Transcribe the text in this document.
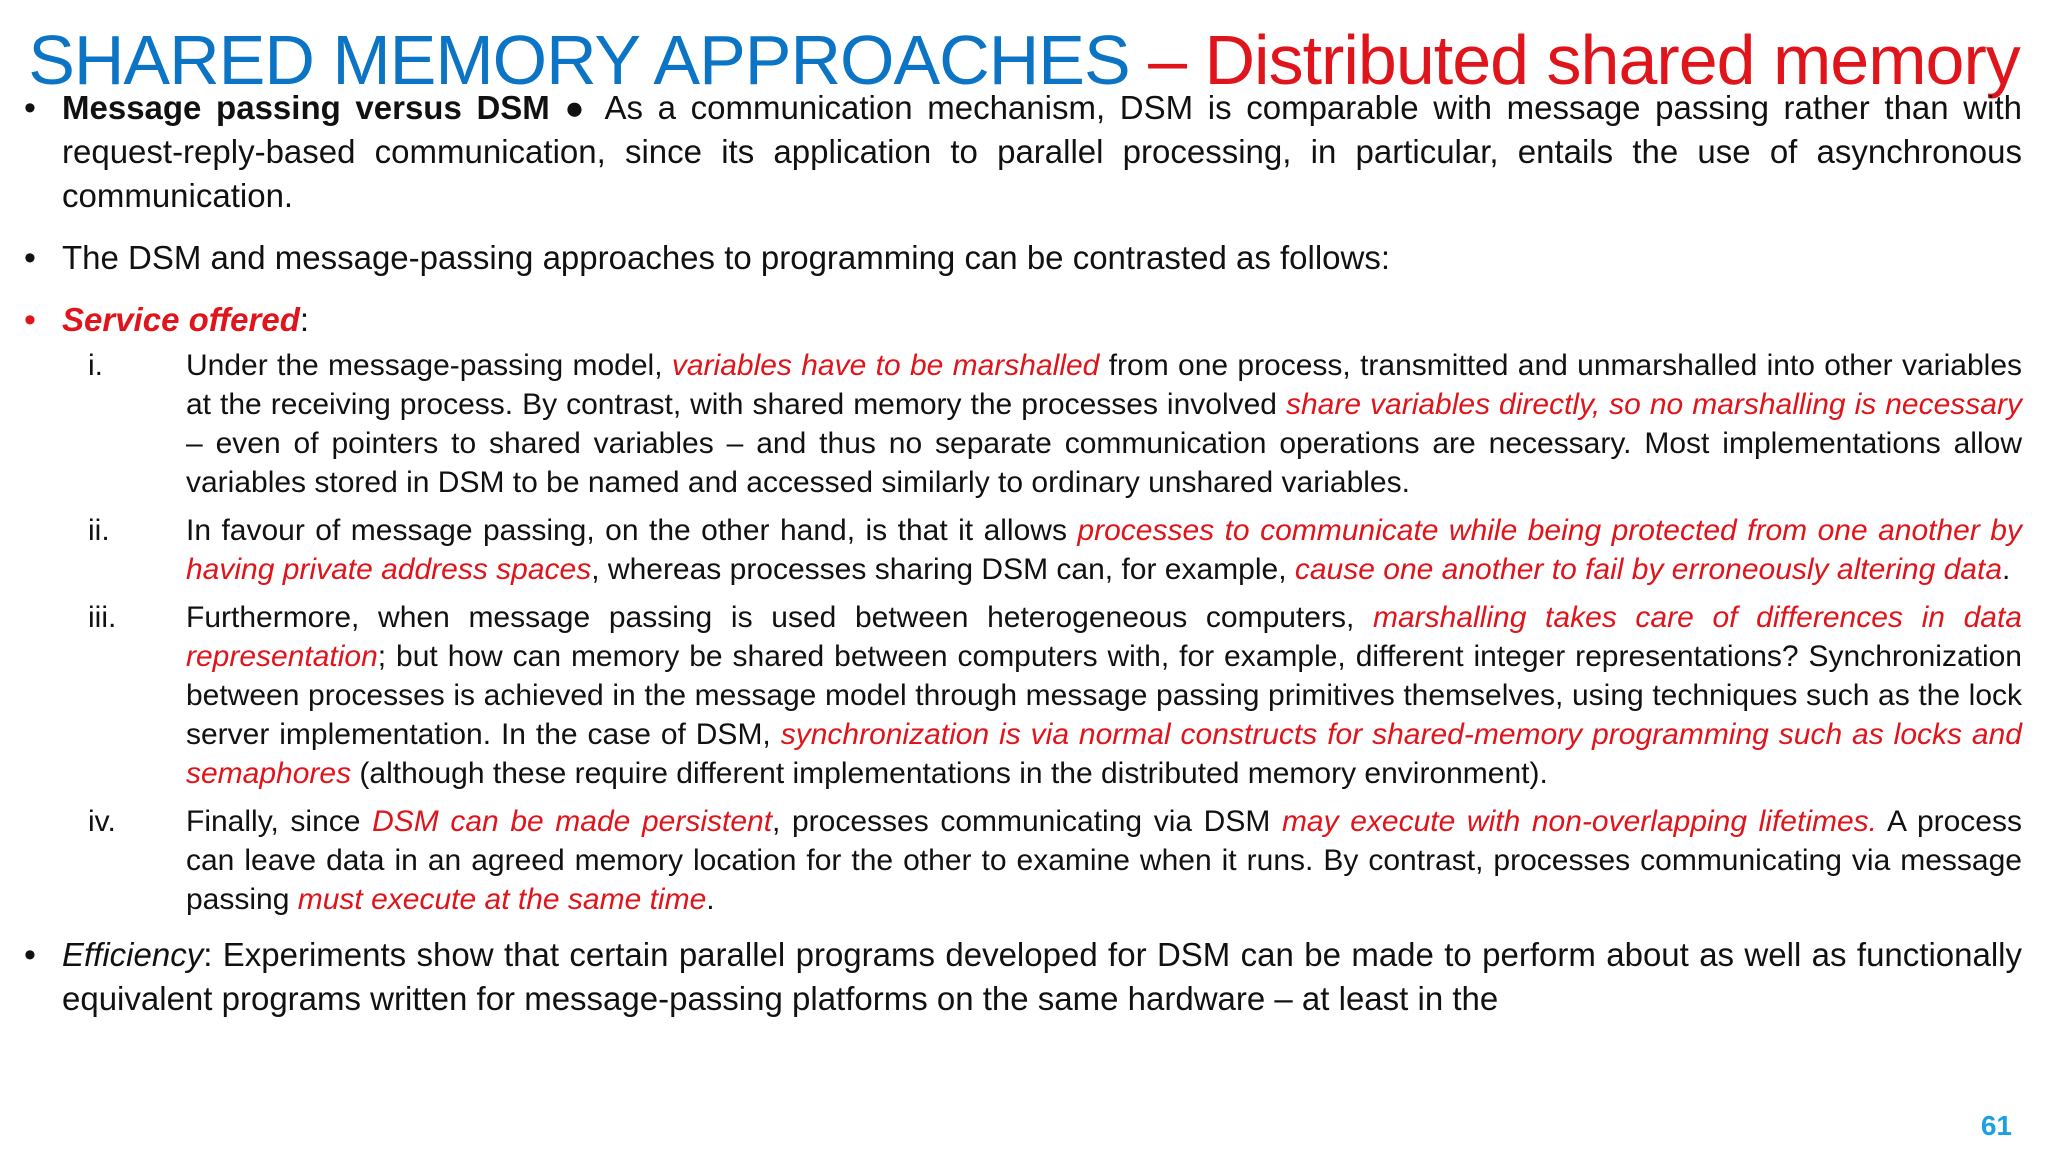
SHARED MEMORY APPROACHES – Distributed shared memory
• Message passing versus DSM ● As a communication mechanism, DSM is comparable with message passing rather than with request-reply-based communication, since its application to parallel processing, in particular, entails the use of asynchronous communication.
• The DSM and message-passing approaches to programming can be contrasted as follows:
• Service offered:
i.	Under the message-passing model, variables have to be marshalled from one process, transmitted and unmarshalled into other variables at the receiving process. By contrast, with shared memory the processes involved share variables directly, so no marshalling is necessary – even of pointers to shared variables – and thus no separate communication operations are necessary. Most implementations allow variables stored in DSM to be named and accessed similarly to ordinary unshared variables.
ii.	In favour of message passing, on the other hand, is that it allows processes to communicate while being protected from one another by having private address spaces, whereas processes sharing DSM can, for example, cause one another to fail by erroneously altering data.
iii. Furthermore, when message passing is used between heterogeneous computers, marshalling takes care of differences in data representation; but how can memory be shared between computers with, for example, different integer representations? Synchronization between processes is achieved in the message model through message passing primitives themselves, using techniques such as the lock server implementation. In the case of DSM, synchronization is via normal constructs for shared-memory programming such as locks and semaphores (although these require different implementations in the distributed memory environment).
iv. Finally, since DSM can be made persistent, processes communicating via DSM may execute with non-overlapping lifetimes. A process can leave data in an agreed memory location for the other to examine when it runs. By contrast, processes communicating via message passing must execute at the same time.
• Efficiency: Experiments show that certain parallel programs developed for DSM can be made to perform about as well as functionally equivalent programs written for message-passing platforms on the same hardware – at least in the
61
